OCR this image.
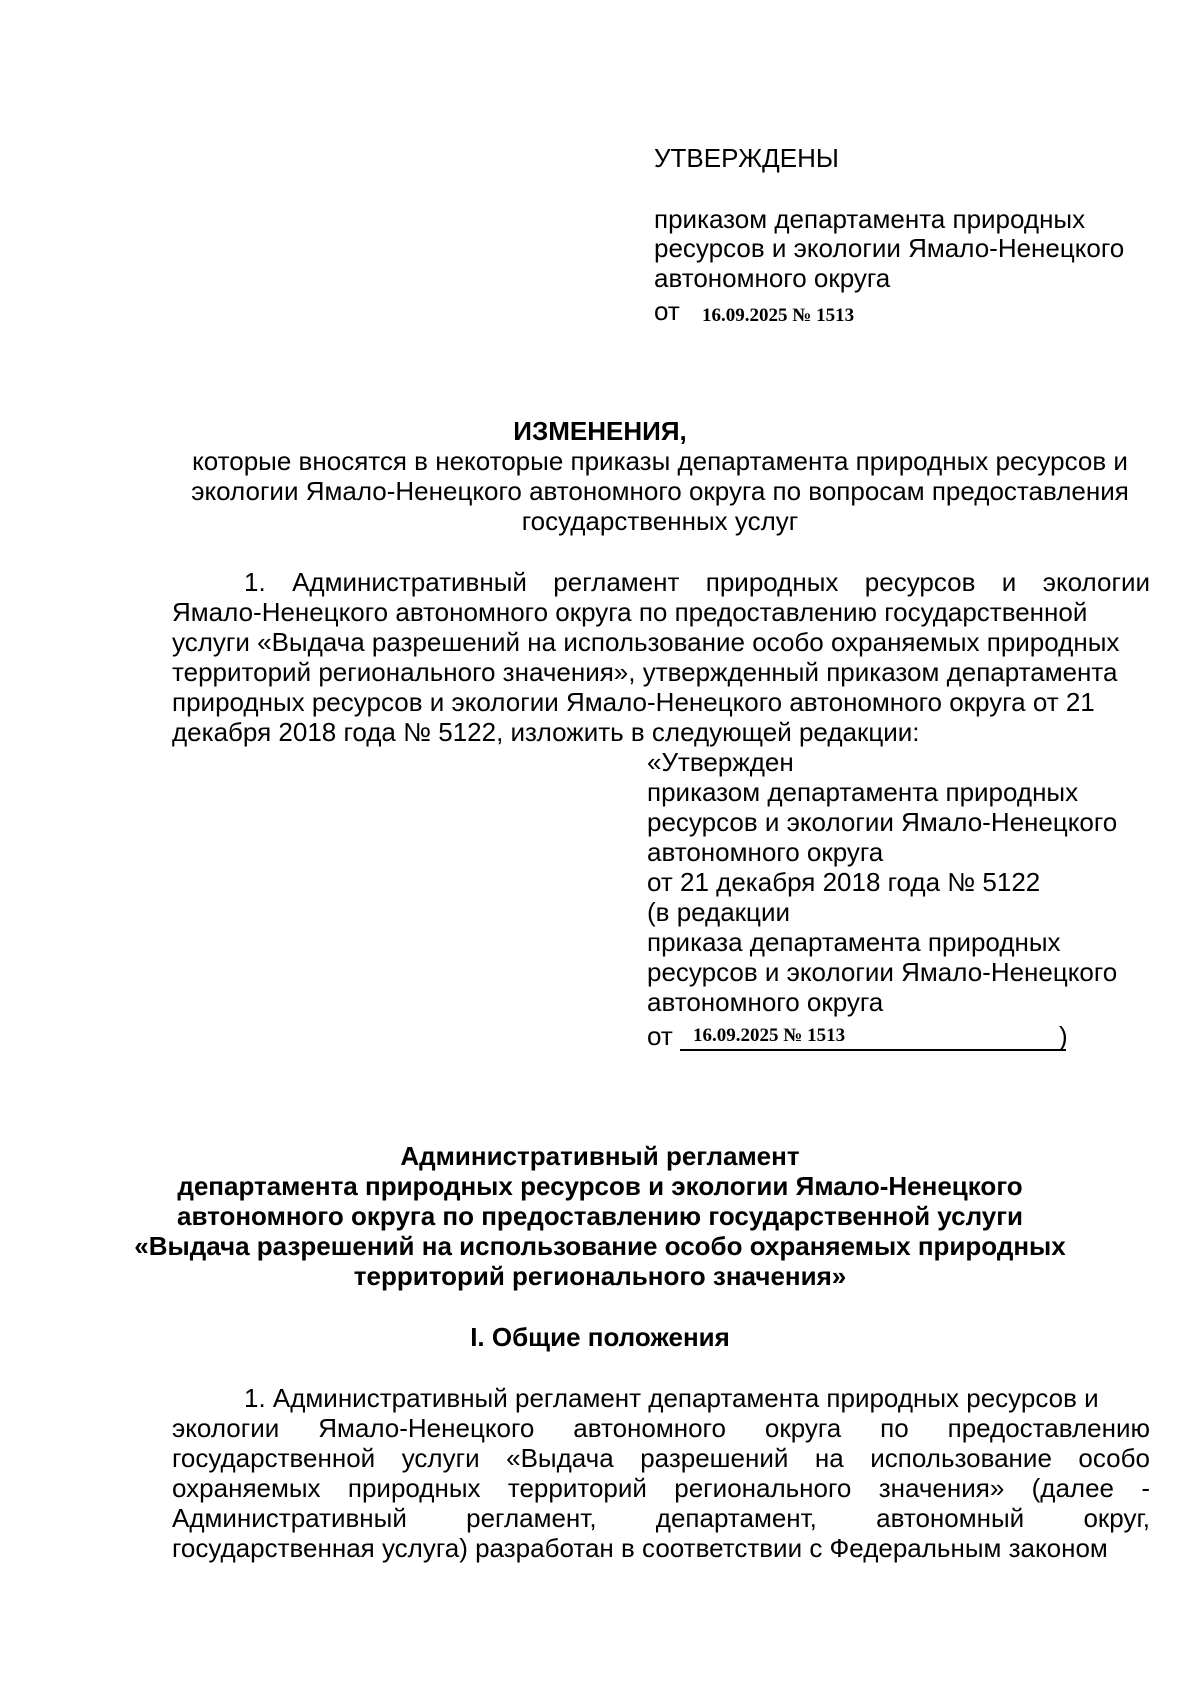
УТВЕРЖДЕНЫ
приказом департамента природных
ресурсов и экологии Ямало-Ненецкого
автономного округа
от 16.09.2025 № 1513
ИЗМЕНЕНИЯ,
которые вносятся в некоторые приказы департамента природных ресурсов и
экологии Ямало-Ненецкого автономного округа по вопросам предоставления
государственных услуг

1. Административный регламент природных ресурсов и экологии

Ямало-Ненецкого автономного округа по предоставлению государственной
услуги «Выдача разрешений на использование особо охраняемых природных
территорий регионального значения», утвержденный приказом департамента
природных ресурсов и экологии Ямало-Ненецкого автономного округа от 21
декабря 2018 года № 5122, изложить в следующей редакции:
«Утвержден
приказом департамента природных
ресурсов и экологии Ямало-Ненецкого
автономного округа
от 21 декабря 2018 года № 5122
(в редакции
приказа департамента природных
ресурсов и экологии Ямало-Ненецкого
автономного округа
от 16.09.2025 № 1513	)
Административный регламент
департамента природных ресурсов и экологии Ямало-Ненецкого
автономного округа по предоставлению государственной услуги
«Выдача разрешений на использование особо охраняемых природных
территорий регионального значения»
I. Общие положения
1. Административный регламент департамента природных ресурсов и

экологии Ямало-Ненецкого автономного округа по предоставлению

государственной услуги «Выдача разрешений на использование особо

охраняемых природных территорий регионального значения» (далее -

Административный регламент, департамент, автономный округ,

государственная услуга) разработан в соответствии с Федеральным законом
